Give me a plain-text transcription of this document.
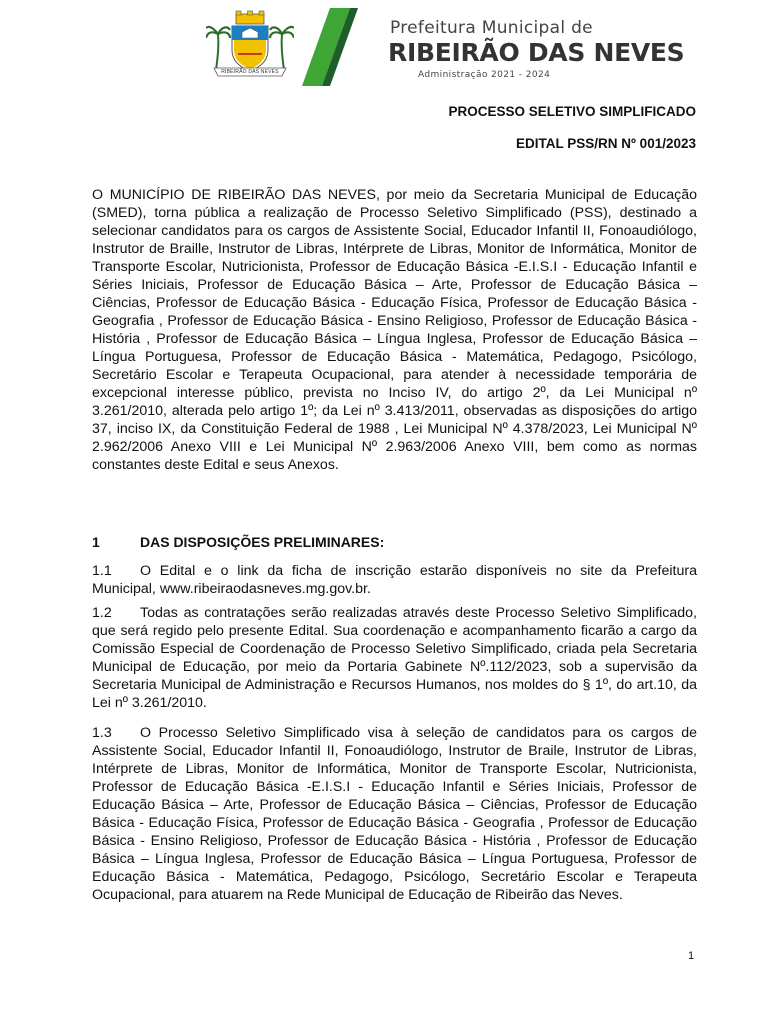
RIBEIRÃO DAS NEVES
Prefeitura Municipal de
RIBEIRÃO DAS NEVES
Administração 2021 - 2024
PROCESSO SELETIVO SIMPLIFICADO
EDITAL PSS/RN Nº 001/2023
O MUNICÍPIO DE RIBEIRÃO DAS NEVES, por meio da Secretaria Municipal de Educação (SMED), torna pública a realização de Processo Seletivo Simplificado (PSS), destinado a selecionar candidatos para os cargos de Assistente Social, Educador Infantil II, Fonoaudiólogo, Instrutor de Braille, Instrutor de Libras, Intérprete de Libras, Monitor de Informática, Monitor de Transporte Escolar, Nutricionista, Professor de Educação Básica -E.I.S.I - Educação Infantil e Séries Iniciais, Professor de Educação Básica – Arte, Professor de Educação Básica – Ciências, Professor de Educação Básica - Educação Física, Professor de Educação Básica - Geografia , Professor de Educação Básica - Ensino Religioso, Professor de Educação Básica - História , Professor de Educação Básica – Língua Inglesa, Professor de Educação Básica – Língua Portuguesa, Professor de Educação Básica - Matemática, Pedagogo, Psicólogo, Secretário Escolar e Terapeuta Ocupacional, para atender à necessidade temporária de excepcional interesse público, prevista no Inciso IV, do artigo 2º, da Lei Municipal nº 3.261/2010, alterada pelo artigo 1º; da Lei nº 3.413/2011, observadas as disposições do artigo 37, inciso IX, da Constituição Federal de 1988 , Lei Municipal Nº 4.378/2023, Lei Municipal Nº 2.962/2006 Anexo VIII e Lei Municipal Nº 2.963/2006 Anexo VIII, bem como as normas constantes deste Edital e seus Anexos.
1	DAS DISPOSIÇÕES PRELIMINARES:
1.1 O Edital e o link da ficha de inscrição estarão disponíveis no site da Prefeitura Municipal, www.ribeiraodasneves.mg.gov.br.
1.2 Todas as contratações serão realizadas através deste Processo Seletivo Simplificado, que será regido pelo presente Edital. Sua coordenação e acompanhamento ficarão a cargo da Comissão Especial de Coordenação de Processo Seletivo Simplificado, criada pela Secretaria Municipal de Educação, por meio da Portaria Gabinete Nº.112/2023, sob a supervisão da Secretaria Municipal de Administração e Recursos Humanos, nos moldes do § 1º, do art.10, da Lei nº 3.261/2010.
1.3 O Processo Seletivo Simplificado visa à seleção de candidatos para os cargos de Assistente Social, Educador Infantil II, Fonoaudiólogo, Instrutor de Braile, Instrutor de Libras, Intérprete de Libras, Monitor de Informática, Monitor de Transporte Escolar, Nutricionista, Professor de Educação Básica -E.I.S.I - Educação Infantil e Séries Iniciais, Professor de Educação Básica – Arte, Professor de Educação Básica – Ciências, Professor de Educação Básica - Educação Física, Professor de Educação Básica - Geografia , Professor de Educação Básica - Ensino Religioso, Professor de Educação Básica - História , Professor de Educação Básica – Língua Inglesa, Professor de Educação Básica – Língua Portuguesa, Professor de Educação Básica - Matemática, Pedagogo, Psicólogo, Secretário Escolar e Terapeuta Ocupacional, para atuarem na Rede Municipal de Educação de Ribeirão das Neves.
1
